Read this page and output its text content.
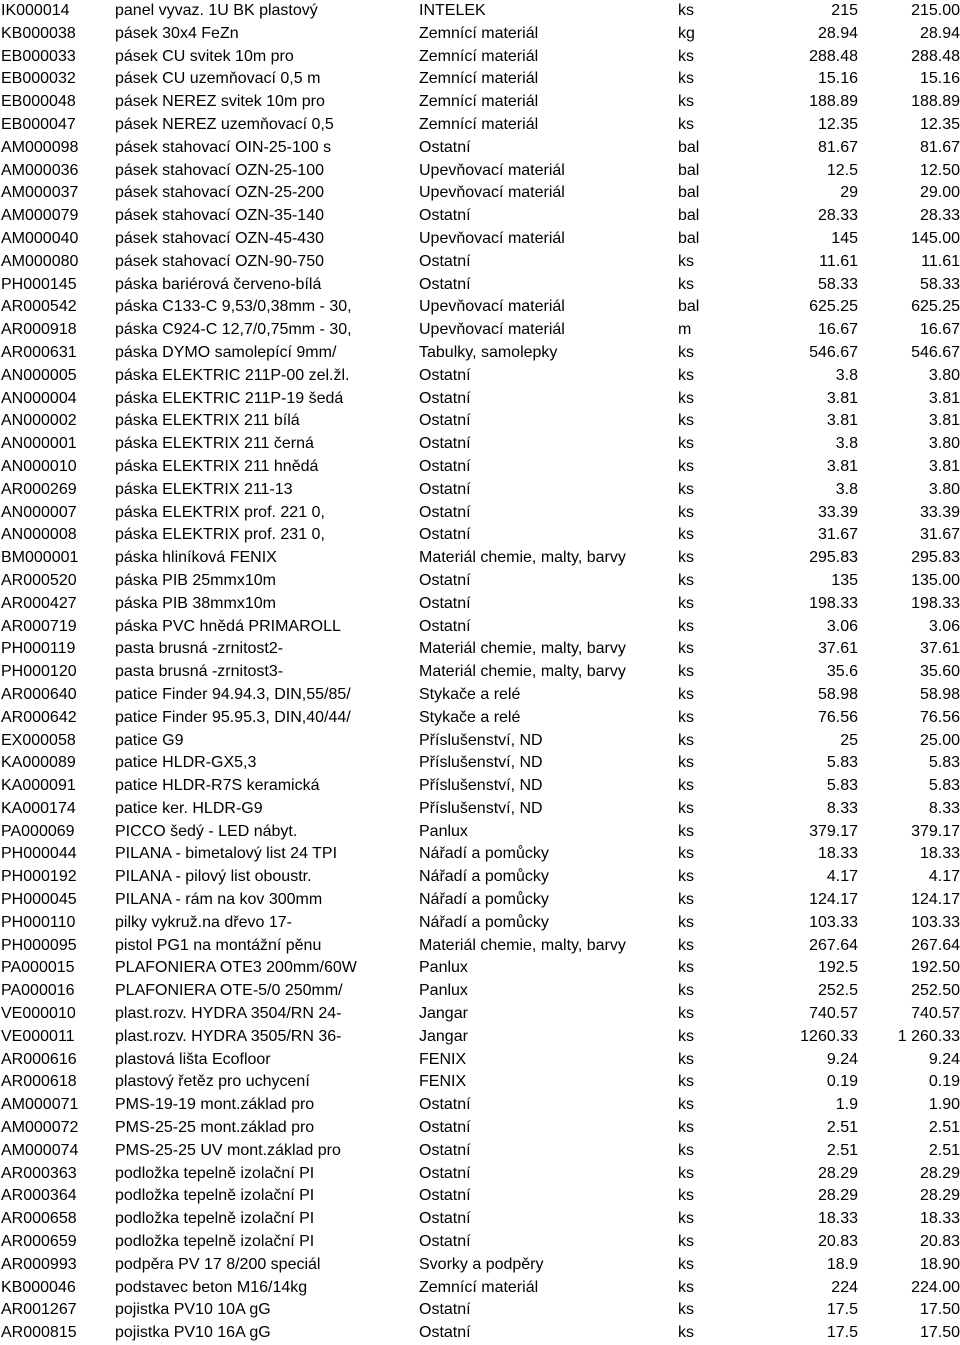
IK000014	panel vyvaz. 1U BK plastový	INTELEK	ks	215	215.00
KB000038	pásek 30x4 FeZn	Zemnící materiál	kg	28.94	28.94
EB000033	pásek CU svitek 10m pro	Zemnící materiál	ks	288.48	288.48
EB000032	pásek CU uzemňovací 0,5 m	Zemnící materiál	ks	15.16	15.16
EB000048	pásek NEREZ svitek 10m pro	Zemnící materiál	ks	188.89	188.89
EB000047	pásek NEREZ uzemňovací 0,5	Zemnící materiál	ks	12.35	12.35
AM000098	pásek stahovací OIN-25-100 s	Ostatní	bal	81.67	81.67
AM000036	pásek stahovací OZN-25-100	Upevňovací materiál	bal	12.5	12.50
AM000037	pásek stahovací OZN-25-200	Upevňovací materiál	bal	29	29.00
AM000079	pásek stahovací OZN-35-140	Ostatní	bal	28.33	28.33
AM000040	pásek stahovací OZN-45-430	Upevňovací materiál	bal	145	145.00
AM000080	pásek stahovací OZN-90-750	Ostatní	ks	11.61	11.61
PH000145	páska bariérová červeno-bílá	Ostatní	ks	58.33	58.33
AR000542	páska C133-C 9,53/0,38mm - 30,	Upevňovací materiál	bal	625.25	625.25
AR000918	páska C924-C 12,7/0,75mm - 30,	Upevňovací materiál	m	16.67	16.67
AR000631	páska DYMO samolepící 9mm/	Tabulky, samolepky	ks	546.67	546.67
AN000005	páska ELEKTRIC 211P-00 zel.žl.	Ostatní	ks	3.8	3.80
AN000004	páska ELEKTRIC 211P-19 šedá	Ostatní	ks	3.81	3.81
AN000002	páska ELEKTRIX 211 bílá	Ostatní	ks	3.81	3.81
AN000001	páska ELEKTRIX 211 černá	Ostatní	ks	3.8	3.80
AN000010	páska ELEKTRIX 211 hnědá	Ostatní	ks	3.81	3.81
AR000269	páska ELEKTRIX 211-13	Ostatní	ks	3.8	3.80
AN000007	páska ELEKTRIX prof. 221 0,	Ostatní	ks	33.39	33.39
AN000008	páska ELEKTRIX prof. 231 0,	Ostatní	ks	31.67	31.67
BM000001	páska hliníková FENIX	Materiál chemie, malty, barvy	ks	295.83	295.83
AR000520	páska PIB 25mmx10m	Ostatní	ks	135	135.00
AR000427	páska PIB 38mmx10m	Ostatní	ks	198.33	198.33
AR000719	páska PVC hnědá PRIMAROLL	Ostatní	ks	3.06	3.06
PH000119	pasta brusná -zrnitost2-	Materiál chemie, malty, barvy	ks	37.61	37.61
PH000120	pasta brusná -zrnitost3-	Materiál chemie, malty, barvy	ks	35.6	35.60
AR000640	patice Finder 94.94.3, DIN,55/85/	Stykače a relé	ks	58.98	58.98
AR000642	patice Finder 95.95.3, DIN,40/44/	Stykače a relé	ks	76.56	76.56
EX000058	patice G9	Příslušenství, ND	ks	25	25.00
KA000089	patice HLDR-GX5,3	Příslušenství, ND	ks	5.83	5.83
KA000091	patice HLDR-R7S keramická	Příslušenství, ND	ks	5.83	5.83
KA000174	patice ker. HLDR-G9	Příslušenství, ND	ks	8.33	8.33
PA000069	PICCO šedý - LED nábyt.	Panlux	ks	379.17	379.17
PH000044	PILANA - bimetalový list 24 TPI	Nářadí a pomůcky	ks	18.33	18.33
PH000192	PILANA - pilový list oboustr.	Nářadí a pomůcky	ks	4.17	4.17
PH000045	PILANA - rám na kov 300mm	Nářadí a pomůcky	ks	124.17	124.17
PH000110	pilky vykruž.na dřevo 17-	Nářadí a pomůcky	ks	103.33	103.33
PH000095	pistol PG1 na montážní pěnu	Materiál chemie, malty, barvy	ks	267.64	267.64
PA000015	PLAFONIERA OTE3 200mm/60W	Panlux	ks	192.5	192.50
PA000016	PLAFONIERA OTE-5/0 250mm/	Panlux	ks	252.5	252.50
VE000010	plast.rozv. HYDRA 3504/RN 24-	Jangar	ks	740.57	740.57
VE000011	plast.rozv. HYDRA 3505/RN 36-	Jangar	ks	1260.33	1 260.33
AR000616	plastová lišta Ecofloor	FENIX	ks	9.24	9.24
AR000618	plastový řetěz pro uchycení	FENIX	ks	0.19	0.19
AM000071	PMS-19-19 mont.základ pro	Ostatní	ks	1.9	1.90
AM000072	PMS-25-25 mont.základ pro	Ostatní	ks	2.51	2.51
AM000074	PMS-25-25 UV mont.základ pro	Ostatní	ks	2.51	2.51
AR000363	podložka tepelně izolační PI	Ostatní	ks	28.29	28.29
AR000364	podložka tepelně izolační PI	Ostatní	ks	28.29	28.29
AR000658	podložka tepelně izolační PI	Ostatní	ks	18.33	18.33
AR000659	podložka tepelně izolační PI	Ostatní	ks	20.83	20.83
AR000993	podpěra PV 17 8/200 speciál	Svorky a podpěry	ks	18.9	18.90
KB000046	podstavec beton M16/14kg	Zemnící materiál	ks	224	224.00
AR001267	pojistka PV10 10A gG	Ostatní	ks	17.5	17.50
AR000815	pojistka PV10 16A gG	Ostatní	ks	17.5	17.50
